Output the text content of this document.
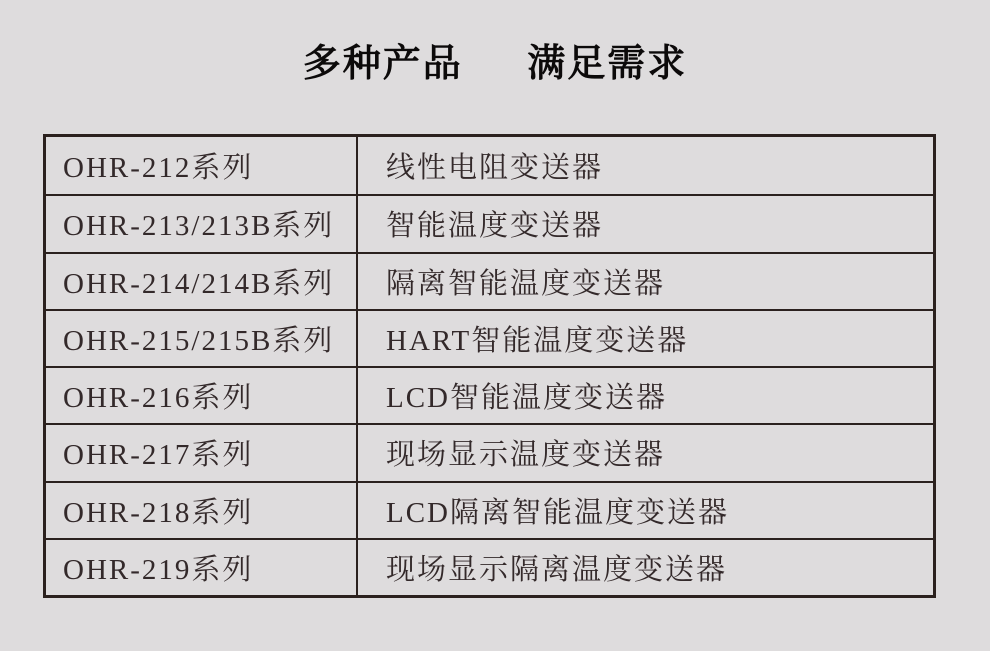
多种产品 满足需求
OHR-212系列	线性电阻变送器
OHR-213/213B系列	智能温度变送器
OHR-214/214B系列	隔离智能温度变送器
OHR-215/215B系列	HART智能温度变送器
OHR-216系列	LCD智能温度变送器
OHR-217系列	现场显示温度变送器
OHR-218系列	LCD隔离智能温度变送器
OHR-219系列	现场显示隔离温度变送器
